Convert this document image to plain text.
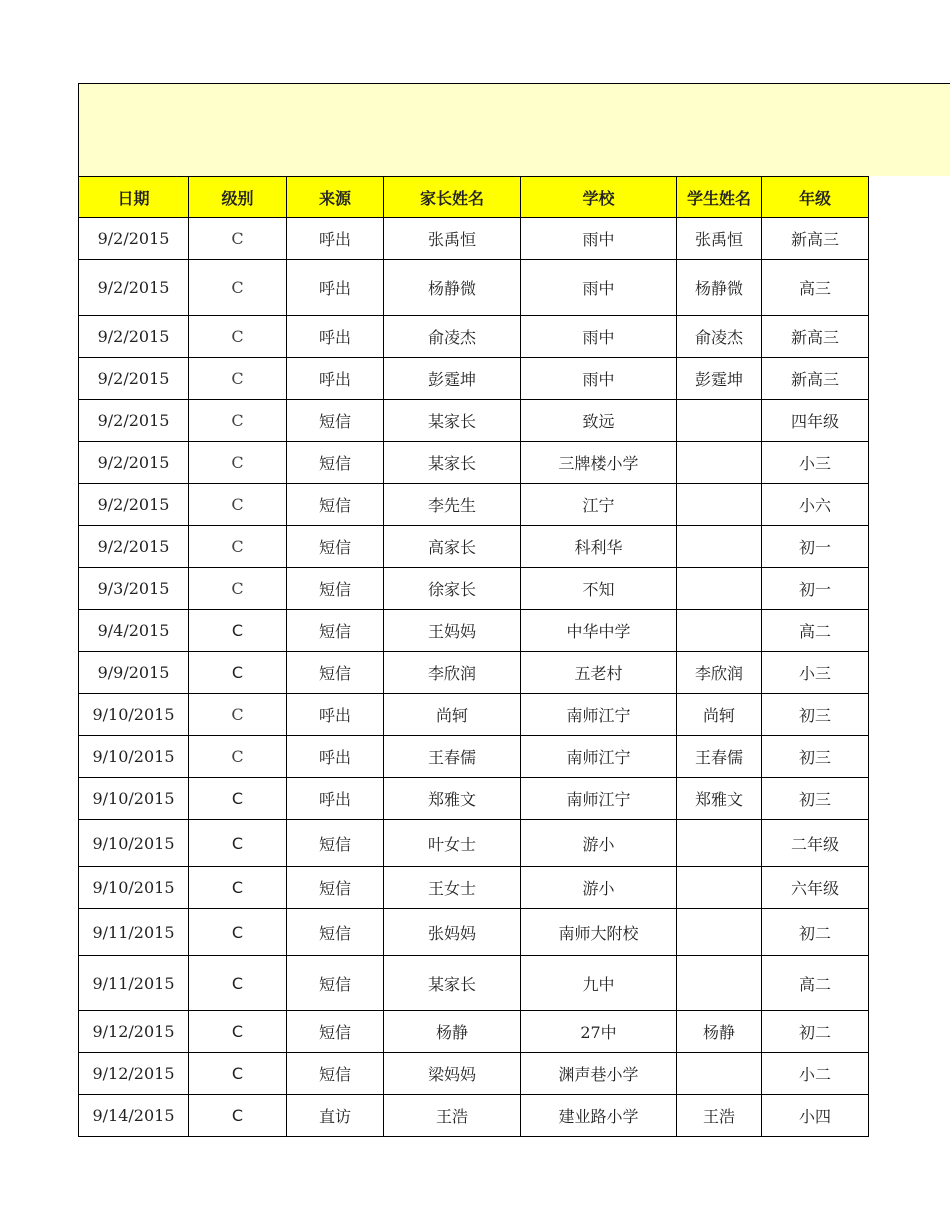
日期	级别	来源	家长姓名	学校	学生姓名	年级
9/2/2015	C	呼出	张禹恒	雨中	张禹恒	新高三
9/2/2015	C	呼出	杨静微	雨中	杨静微	高三
9/2/2015	C	呼出	俞凌杰	雨中	俞凌杰	新高三
9/2/2015	C	呼出	彭霆坤	雨中	彭霆坤	新高三
9/2/2015	C	短信	某家长	致远		四年级
9/2/2015	C	短信	某家长	三牌楼小学		小三
9/2/2015	C	短信	李先生	江宁		小六
9/2/2015	C	短信	高家长	科利华		初一
9/3/2015	C	短信	徐家长	不知		初一
9/4/2015	C	短信	王妈妈	中华中学		高二
9/9/2015	C	短信	李欣润	五老村	李欣润	小三
9/10/2015	C	呼出	尚轲	南师江宁	尚轲	初三
9/10/2015	C	呼出	王春儒	南师江宁	王春儒	初三
9/10/2015	C	呼出	郑雅文	南师江宁	郑雅文	初三
9/10/2015	C	短信	叶女士	游小		二年级
9/10/2015	C	短信	王女士	游小		六年级
9/11/2015	C	短信	张妈妈	南师大附校		初二
9/11/2015	C	短信	某家长	九中		高二
9/12/2015	C	短信	杨静	27中	杨静	初二
9/12/2015	C	短信	梁妈妈	渊声巷小学		小二
9/14/2015	C	直访	王浩	建业路小学	王浩	小四
